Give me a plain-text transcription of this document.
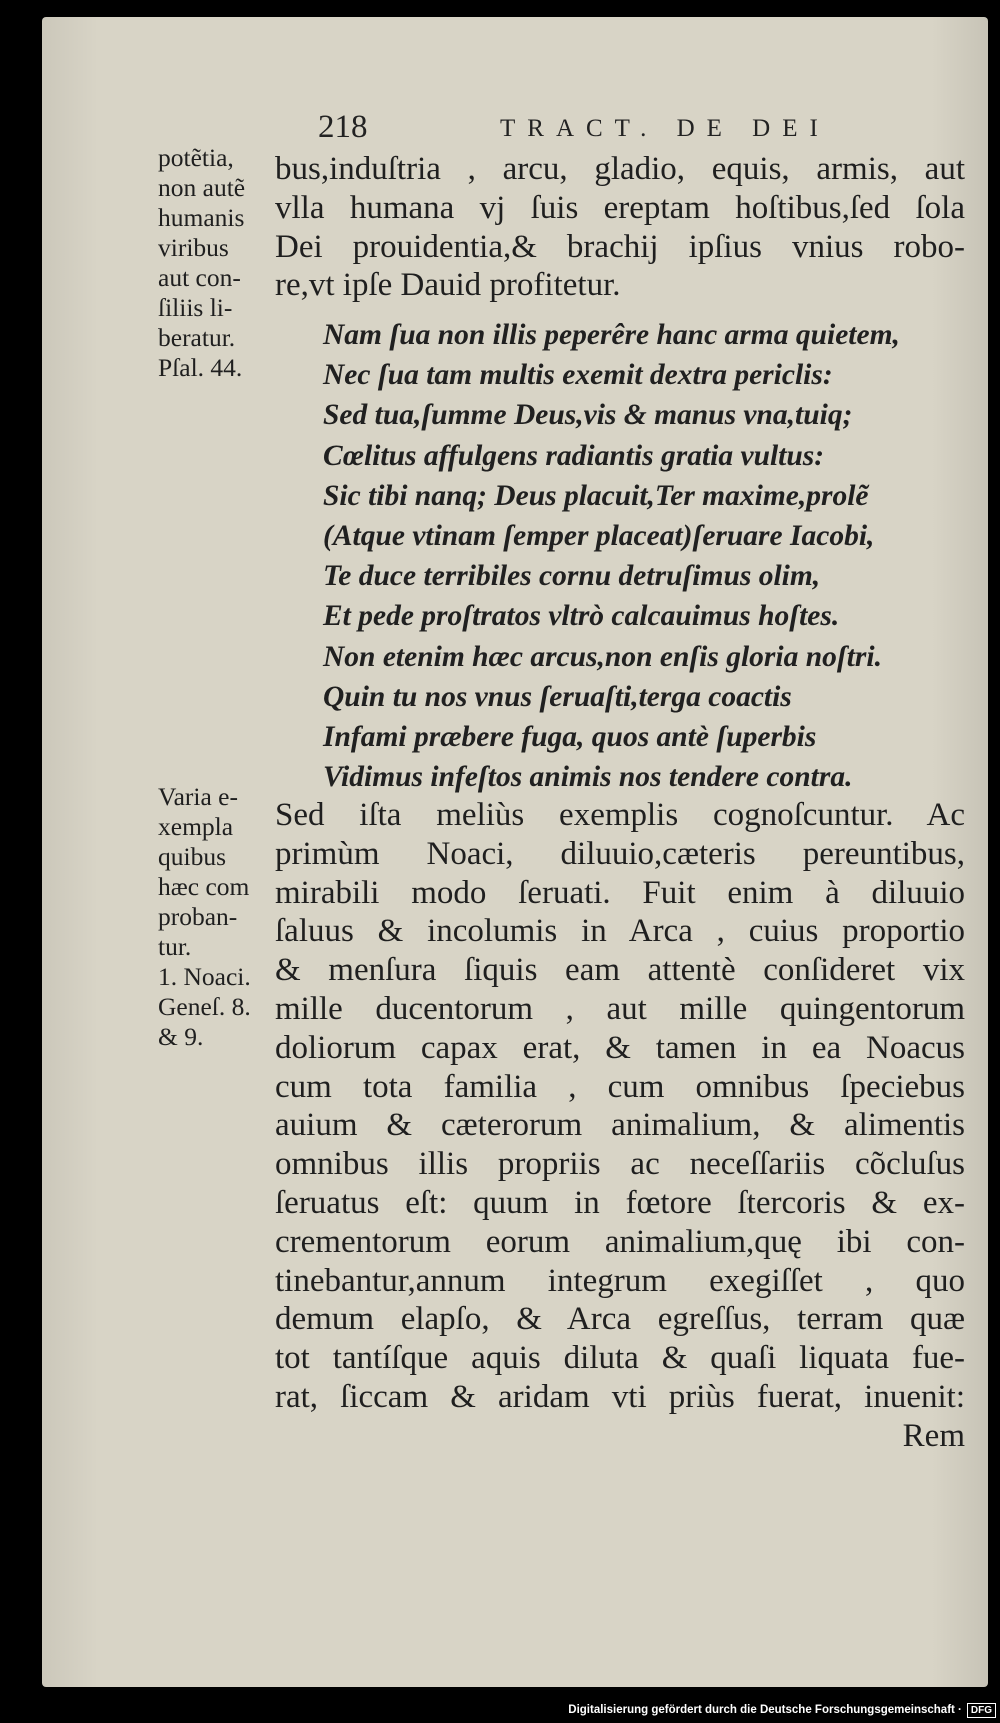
218	TRACT. DE DEI
potẽtia,
non autẽ
humanis
viribus
aut con-
ſiliis li-
beratur.
Pſal. 44.
bus,induſtria , arcu, gladio, equis, armis, aut
vlla humana vj ſuis ereptam hoſtibus,ſed ſola
Dei prouidentia,& brachij ipſius vnius robo-
re,vt ipſe Dauid profitetur.
Nam ſua non illis peperêre hanc arma quietem,
Nec ſua tam multis exemit dextra periclis:
Sed tua,ſumme Deus,vis & manus vna,tuiq;
Cœlitus affulgens radiantis gratia vultus:
Sic tibi nanq; Deus placuit,Ter maxime,prolẽ
(Atque vtinam ſemper placeat)ſeruare Iacobi,
Te duce terribiles cornu detruſimus olim,
Et pede proſtratos vltrò calcauimus hoſtes.
Non etenim hæc arcus,non enſis gloria noſtri.
Quin tu nos vnus ſeruaſti,terga coactis
Infami præbere fuga, quos antè ſuperbis
Vidimus infeſtos animis nos tendere contra.
Varia e-
xempla
quibus
hæc com
proban-
tur.
1. Noaci.
Geneſ. 8.
& 9.
Sed iſta meliùs exemplis cognoſcuntur. Ac
primùm Noaci, diluuio,cæteris pereuntibus,
mirabili modo ſeruati. Fuit enim à diluuio
ſaluus & incolumis in Arca , cuius proportio
& menſura ſiquis eam attentè conſideret vix
mille ducentorum , aut mille quingentorum
doliorum capax erat, & tamen in ea Noacus
cum tota familia , cum omnibus ſpeciebus
auium & cæterorum animalium, & alimentis
omnibus illis propriis ac neceſſariis cõcluſus
ſeruatus eſt: quum in fœtore ſtercoris & ex-
crementorum eorum animalium,quę ibi con-
tinebantur,annum integrum exegiſſet , quo
demum elapſo, & Arca egreſſus, terram quæ
tot tantíſque aquis diluta & quaſi liquata fue-
rat, ſiccam & aridam vti priùs fuerat, inuenit:
Rem
Digitalisierung gefördert durch die Deutsche Forschungsgemeinschaft · DFG
